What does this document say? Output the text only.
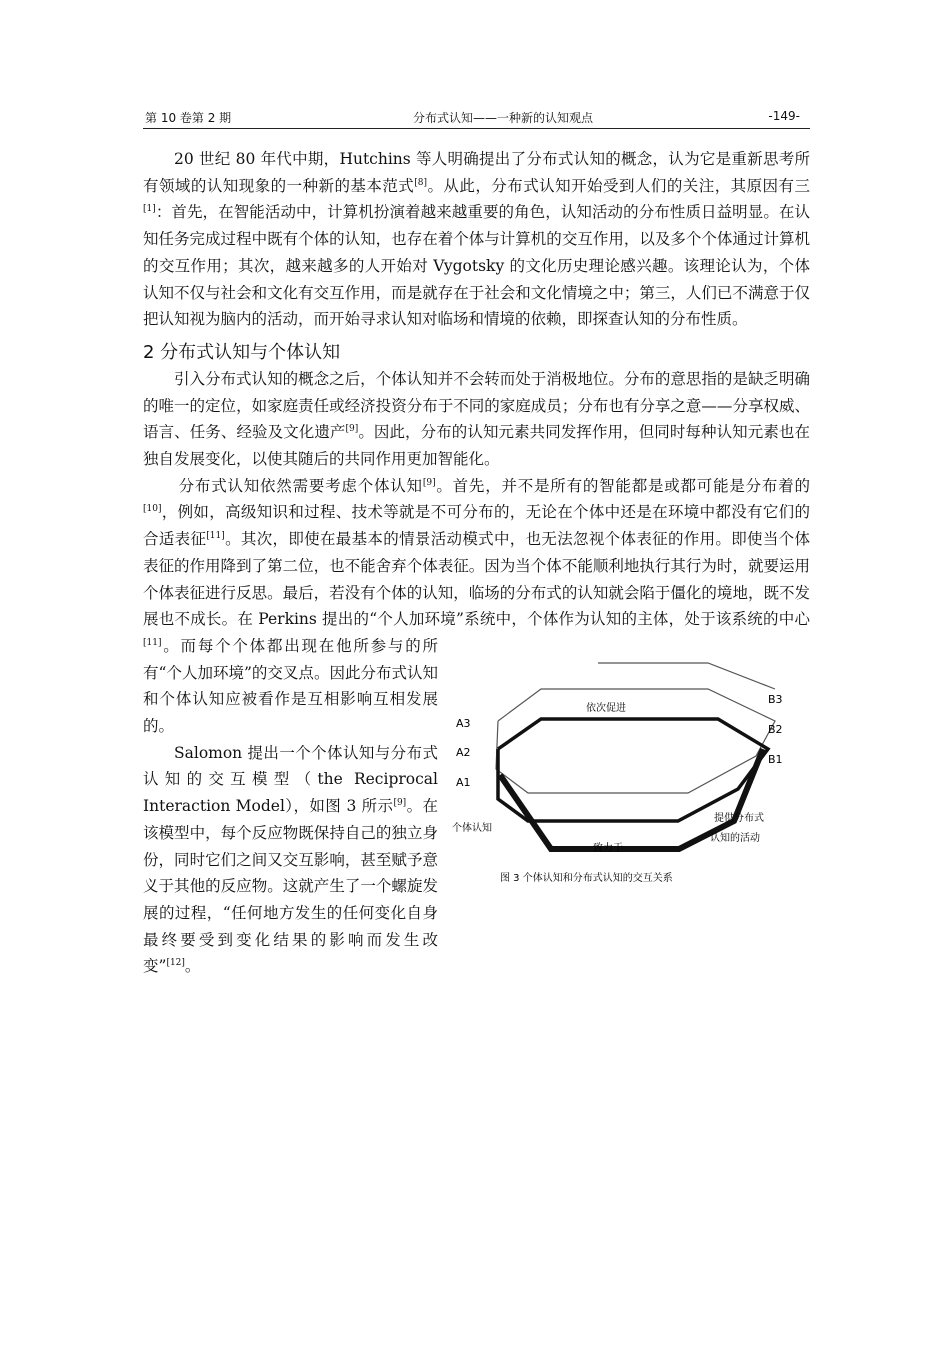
第 10 卷第 2 期	分布式认知——一种新的认知观点	-149-

20 世纪 80 年代中期，Hutchins 等人明确提出了分布式认知的概念，认为它是重新思考所有领域的认知现象的一种新的基本范式[8]。从此，分布式认知开始受到人们的关注，其原因有三[1]：首先，在智能活动中，计算机扮演着越来越重要的角色，认知活动的分布性质日益明显。在认知任务完成过程中既有个体的认知，也存在着个体与计算机的交互作用，以及多个个体通过计算机的交互作用；其次，越来越多的人开始对 Vygotsky 的文化历史理论感兴趣。该理论认为，个体认知不仅与社会和文化有交互作用，而是就存在于社会和文化情境之中；第三，人们已不满意于仅把认知视为脑内的活动，而开始寻求认知对临场和情境的依赖，即探查认知的分布性质。

2 分布式认知与个体认知

引入分布式认知的概念之后，个体认知并不会转而处于消极地位。分布的意思指的是缺乏明确的唯一的定位，如家庭责任或经济投资分布于不同的家庭成员；分布也有分享之意——分享权威、语言、任务、经验及文化遗产[9]。因此，分布的认知元素共同发挥作用，但同时每种认知元素也在独自发展变化，以使其随后的共同作用更加智能化。

分布式认知依然需要考虑个体认知[9]。首先，并不是所有的智能都是或都可能是分布着的[10]，例如，高级知识和过程、技术等就是不可分布的，无论在个体中还是在环境中都没有它们的合适表征[11]。其次，即使在最基本的情景活动模式中，也无法忽视个体表征的作用。即使当个体表征的作用降到了第二位，也不能舍弃个体表征。因为当个体不能顺利地执行其行为时，就要运用个体表征进行反思。最后，若没有个体的认知，临场的分布式的认知就会陷于僵化的境地，既不发展也不成长。在 Perkins 提出的“个人加环境”系统中，个体作为认知的主体，处于该系统的中心
A3
A2
A1
B3
B2
B1
依次促进
个体认知
致力于
提供分布式
认知的活动
图 3 个体认知和分布式认知的交互关系
[11]。而每个个体都出现在他所参与的所有“个人加环境”的交叉点。因此分布式认知和个体认知应被看作是互相影响互相发展的。

Salomon 提出一个个体认知与分布式认知的交互模型（the Reciprocal Interaction Model），如图 3 所示[9]。在该模型中，每个反应物既保持自己的独立身份，同时它们之间又交互影响，甚至赋予意义于其他的反应物。这就产生了一个螺旋发展的过程，“任何地方发生的任何变化自身最终要受到变化结果的影响而发生改变”[12]。
